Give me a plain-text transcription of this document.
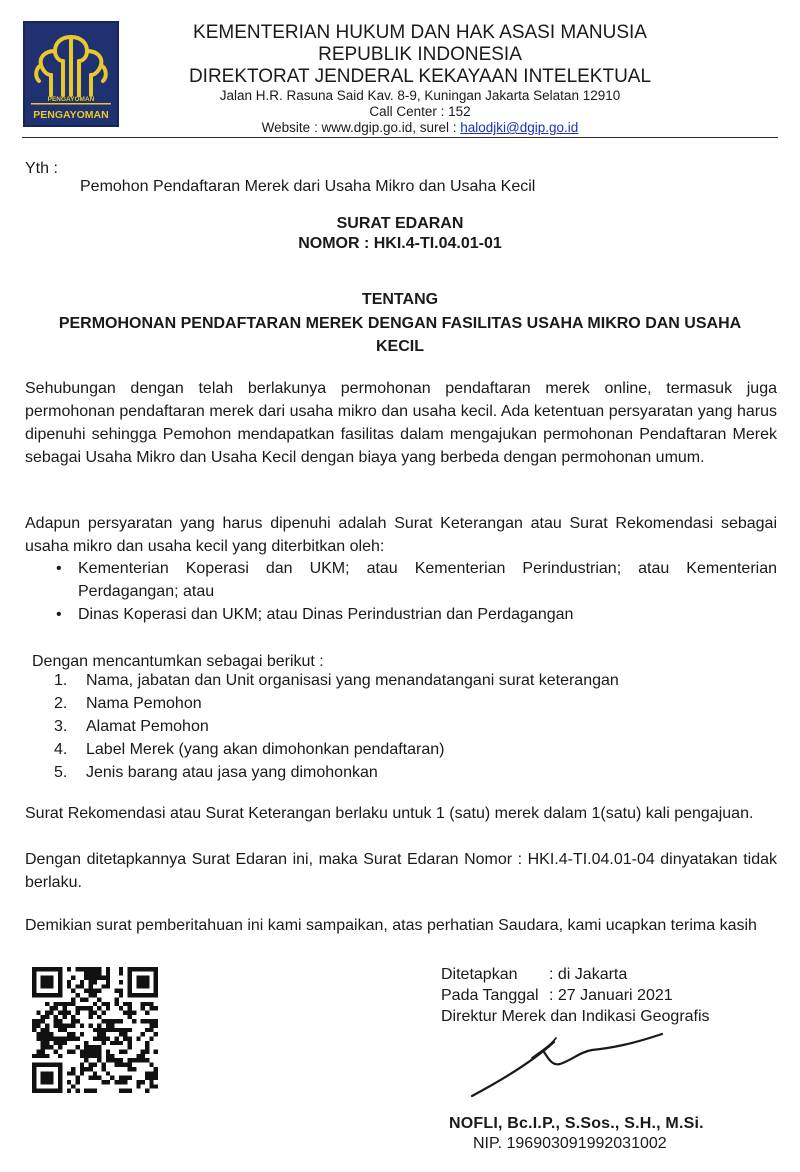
PENGAYOMAN
PENGAYOMAN
KEMENTERIAN HUKUM DAN HAK ASASI MANUSIA
REPUBLIK INDONESIA
DIREKTORAT JENDERAL KEKAYAAN INTELEKTUAL
Jalan H.R. Rasuna Said Kav. 8-9, Kuningan Jakarta Selatan 12910
Call Center : 152
Website : www.dgip.go.id, surel : halodjki@dgip.go.id
Yth :
Pemohon Pendaftaran Merek dari Usaha Mikro dan Usaha Kecil
SURAT EDARAN
NOMOR : HKI.4-TI.04.01-01
TENTANG
PERMOHONAN PENDAFTARAN MEREK DENGAN FASILITAS USAHA MIKRO DAN USAHA
KECIL
Sehubungan dengan telah berlakunya permohonan pendaftaran merek online, termasuk juga permohonan pendaftaran merek dari usaha mikro dan usaha kecil. Ada ketentuan persyaratan yang harus dipenuhi sehingga Pemohon mendapatkan fasilitas dalam mengajukan permohonan Pendaftaran Merek sebagai Usaha Mikro dan Usaha Kecil dengan biaya yang berbeda dengan permohonan umum.
Adapun persyaratan yang harus dipenuhi adalah Surat Keterangan atau Surat Rekomendasi sebagai usaha mikro dan usaha kecil yang diterbitkan oleh:
• Kementerian Koperasi dan UKM; atau Kementerian Perindustrian; atau Kementerian Perdagangan; atau
• Dinas Koperasi dan UKM; atau Dinas Perindustrian dan Perdagangan
Dengan mencantumkan sebagai berikut :
1.	Nama, jabatan dan Unit organisasi yang menandatangani surat keterangan
2.	Nama Pemohon
3.	Alamat Pemohon
4.	Label Merek (yang akan dimohonkan pendaftaran)
5.	Jenis barang atau jasa yang dimohonkan
Surat Rekomendasi atau Surat Keterangan berlaku untuk 1 (satu) merek dalam 1(satu) kali pengajuan.
Dengan ditetapkannya Surat Edaran ini, maka Surat Edaran Nomor : HKI.4-TI.04.01-04 dinyatakan tidak berlaku.
Demikian surat pemberitahuan ini kami sampaikan, atas perhatian Saudara, kami ucapkan terima kasih
Ditetapkan	: di Jakarta
Pada Tanggal : 27 Januari 2021
Direktur Merek dan Indikasi Geografis
NOFLI, Bc.I.P., S.Sos., S.H., M.Si.
NIP. 196903091992031002
